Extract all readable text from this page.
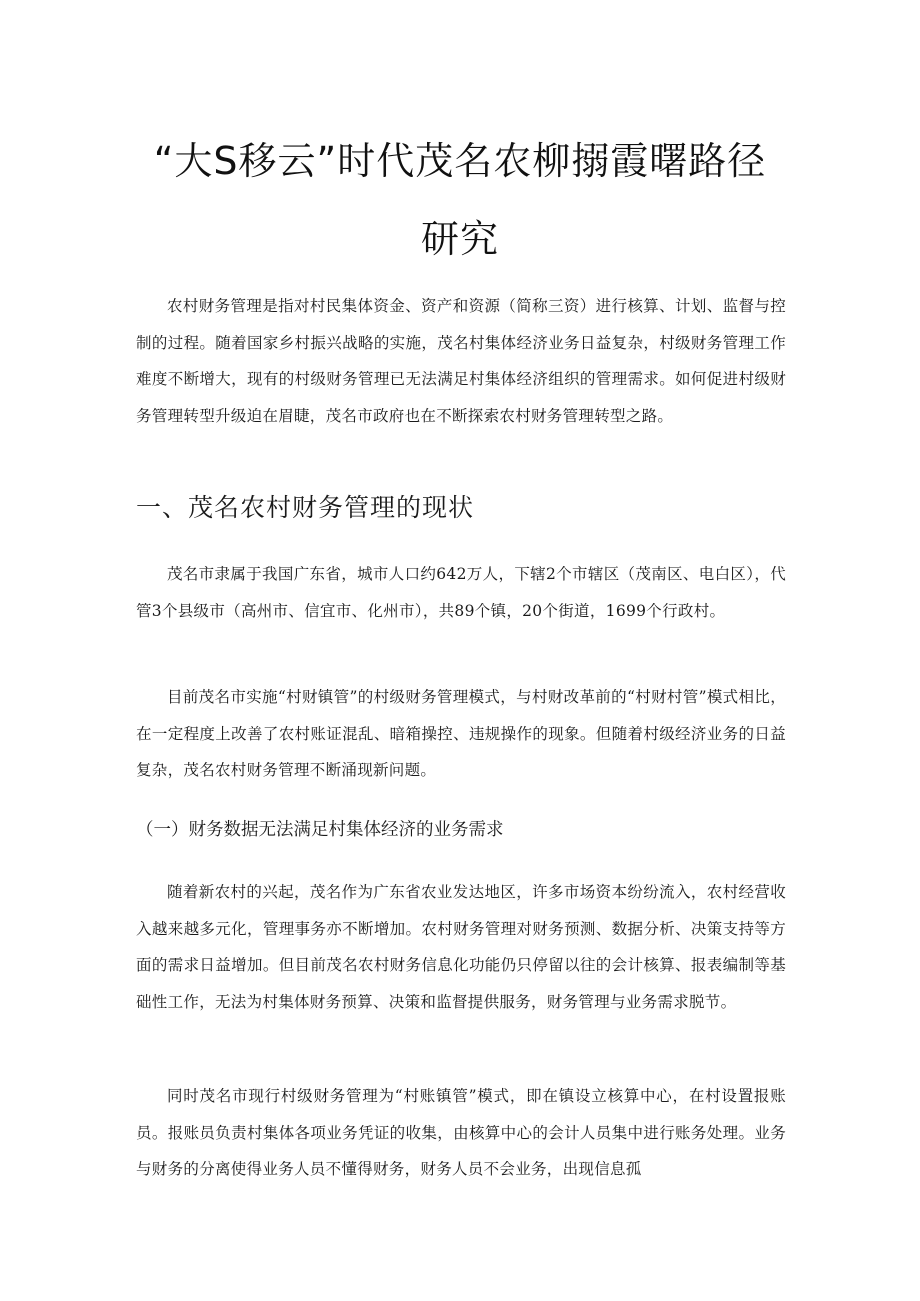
“大S移云”时代茂名农柳搦霞曙路径
研究

农村财务管理是指对村民集体资金、资产和资源（简称三资）进行核算、计划、监督与控制的过程。随着国家乡村振兴战略的实施，茂名村集体经济业务日益复杂，村级财务管理工作难度不断增大，现有的村级财务管理已无法满足村集体经济组织的管理需求。如何促进村级财务管理转型升级迫在眉睫，茂名市政府也在不断探索农村财务管理转型之路。

一、茂名农村财务管理的现状

茂名市隶属于我国广东省，城市人口约642万人，下辖2个市辖区（茂南区、电白区），代管3个县级市（高州市、信宜市、化州市），共89个镇，20个街道，1699个行政村。

目前茂名市实施“村财镇管”的村级财务管理模式，与村财改革前的“村财村管”模式相比，在一定程度上改善了农村账证混乱、暗箱操控、违规操作的现象。但随着村级经济业务的日益复杂，茂名农村财务管理不断涌现新问题。

（一）财务数据无法满足村集体经济的业务需求

随着新农村的兴起，茂名作为广东省农业发达地区，许多市场资本纷纷流入，农村经营收入越来越多元化，管理事务亦不断增加。农村财务管理对财务预测、数据分析、决策支持等方面的需求日益增加。但目前茂名农村财务信息化功能仍只停留以往的会计核算、报表编制等基础性工作，无法为村集体财务预算、决策和监督提供服务，财务管理与业务需求脱节。

同时茂名市现行村级财务管理为“村账镇管”模式，即在镇设立核算中心，在村设置报账员。报账员负责村集体各项业务凭证的收集，由核算中心的会计人员集中进行账务处理。业务与财务的分离使得业务人员不懂得财务，财务人员不会业务，出现信息孤
